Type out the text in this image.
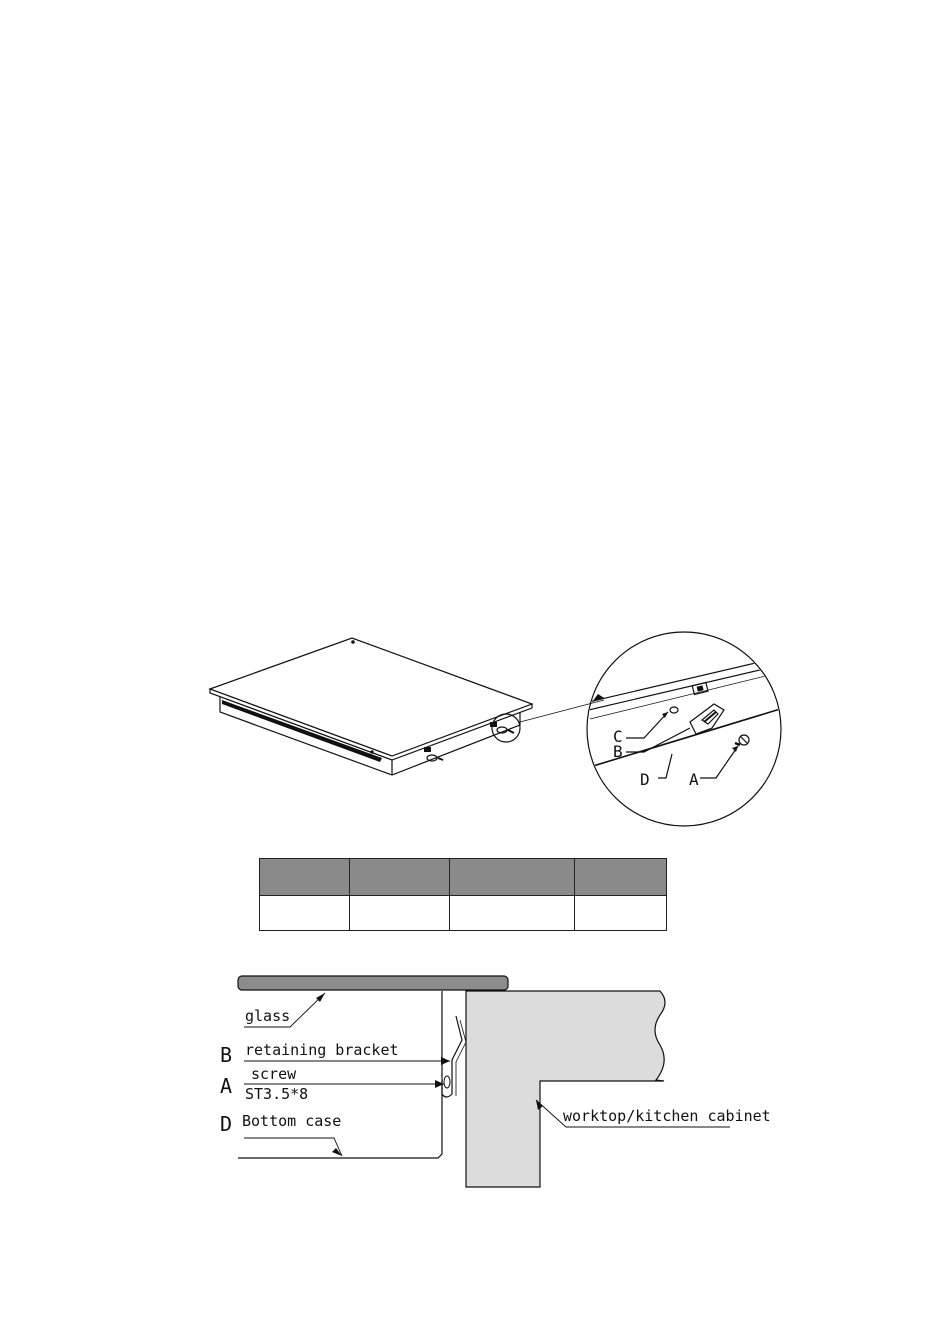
C
B
D A

glass
B retaining bracket
A screw
ST3.5*8
D Bottom case	worktop/kitchen cabinet
